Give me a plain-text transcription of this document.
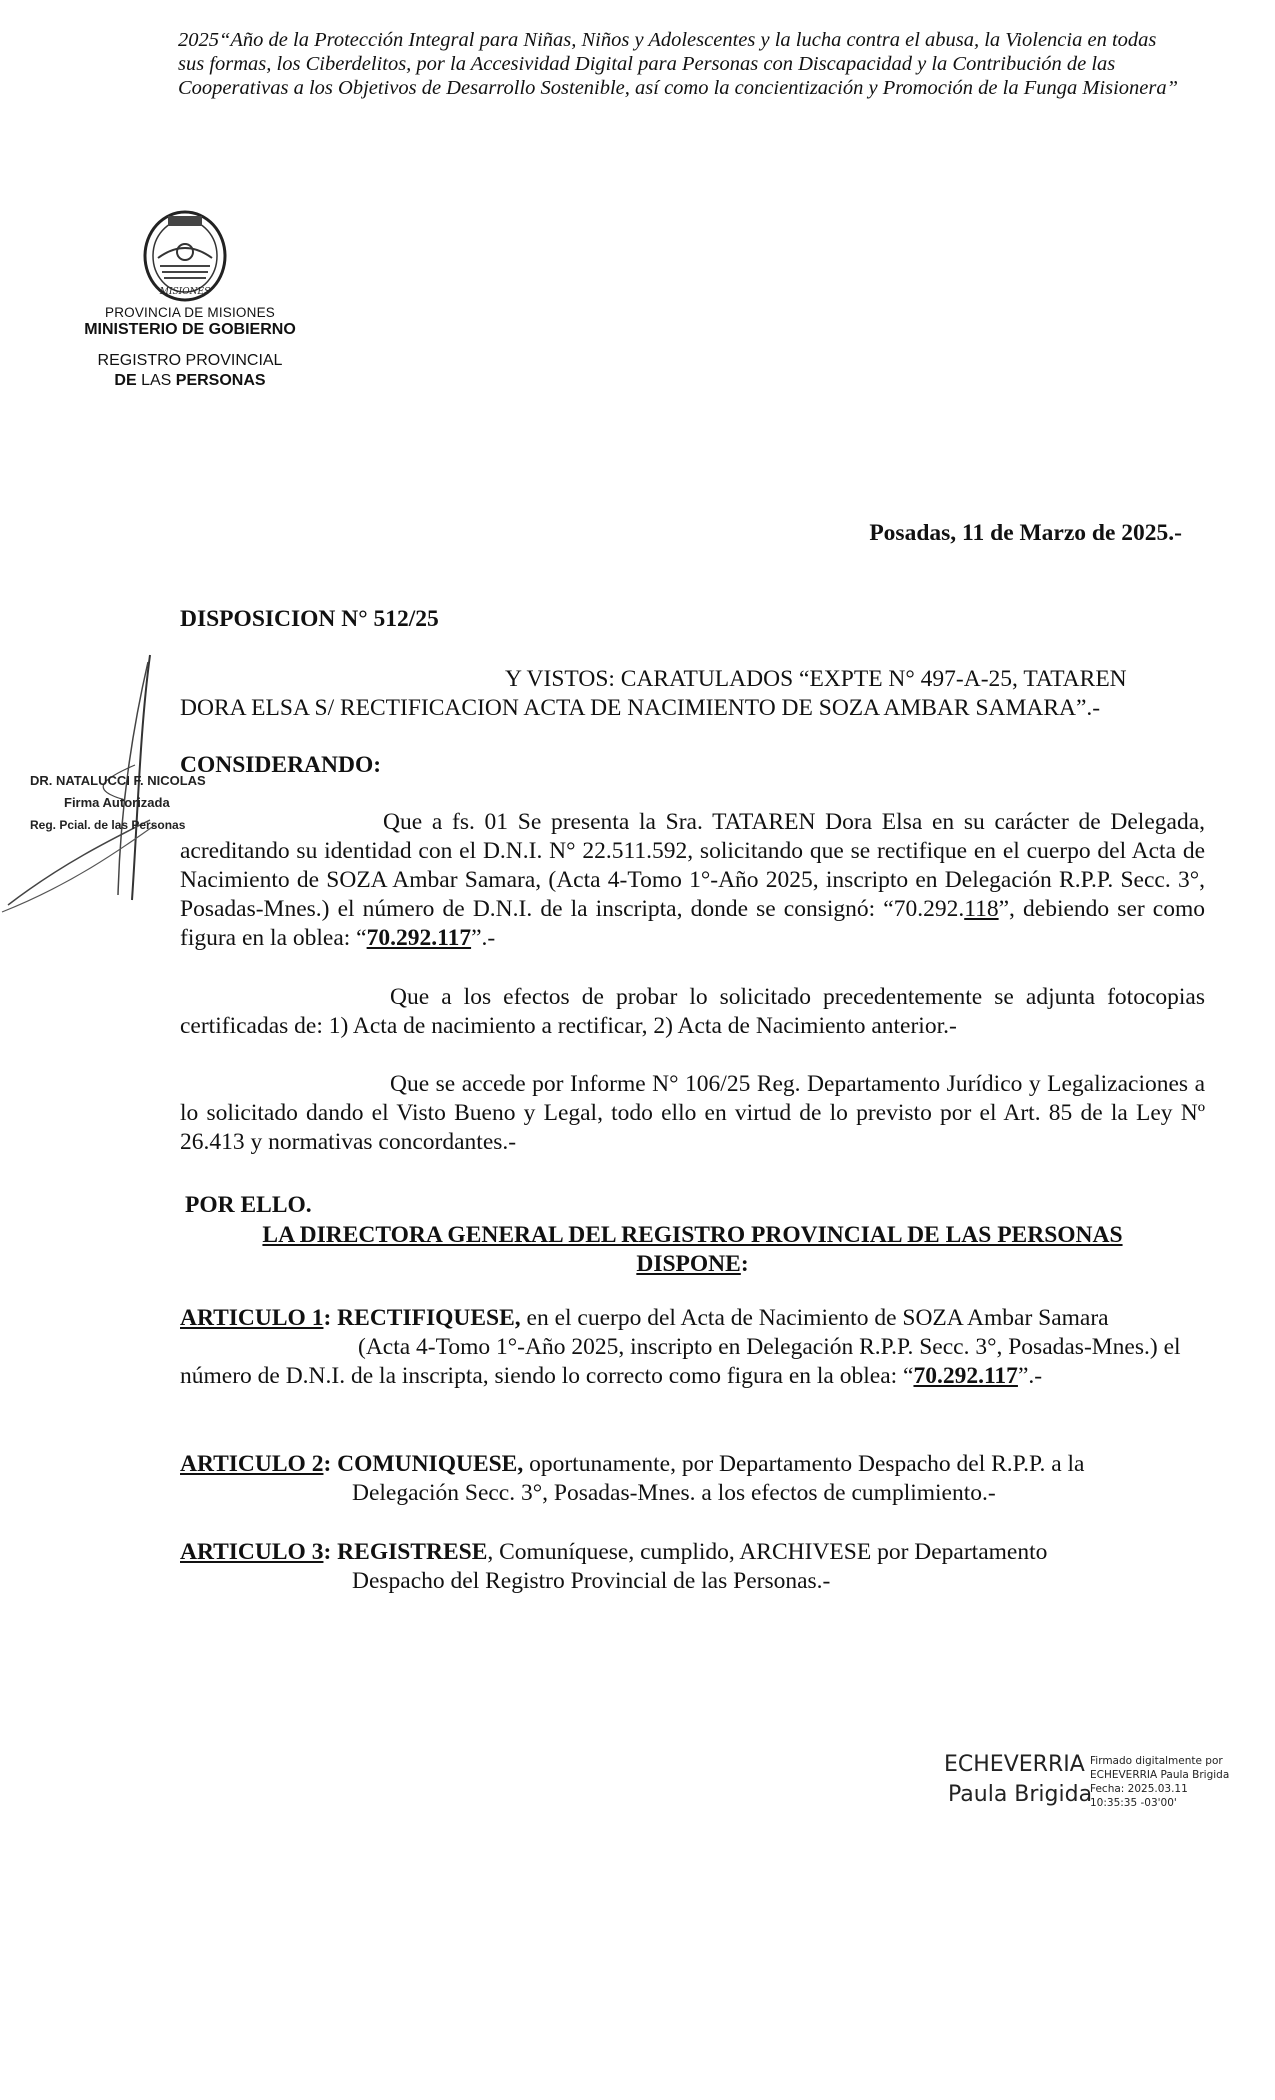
2025“Año de la Protección Integral para Niñas, Niños y Adolescentes y la lucha contra el abusa, la Violencia en todas sus formas, los Ciberdelitos, por la Accesividad Digital para Personas con Discapacidad y la Contribución de las Cooperativas a los Objetivos de Desarrollo Sostenible, así como la concientización y Promoción de la Funga Misionera”
MISIONES
PROVINCIA DE MISIONES
MINISTERIO DE GOBIERNO
REGISTRO PROVINCIAL
DE LAS PERSONAS
Posadas, 11 de Marzo de 2025.-
DISPOSICION N° 512/25
Y VISTOS: CARATULADOS “EXPTE N° 497-A-25, TATAREN
DORA ELSA S/ RECTIFICACION ACTA DE NACIMIENTO DE SOZA AMBAR SAMARA”.-
CONSIDERANDO:
Que a fs. 01 Se presenta la Sra. TATAREN Dora Elsa en su carácter de Delegada, acreditando su identidad con el D.N.I. N° 22.511.592, solicitando que se rectifique en el cuerpo del Acta de Nacimiento de SOZA Ambar Samara, (Acta 4-Tomo 1°-Año 2025, inscripto en Delegación R.P.P. Secc. 3°, Posadas-Mnes.) el número de D.N.I. de la inscripta, donde se consignó: “70.292.118”, debiendo ser como figura en la oblea: “70.292.117”.-
Que a los efectos de probar lo solicitado precedentemente se adjunta fotocopias certificadas de: 1) Acta de nacimiento a rectificar, 2) Acta de Nacimiento anterior.-
Que se accede por Informe N° 106/25 Reg. Departamento Jurídico y Legalizaciones a lo solicitado dando el Visto Bueno y Legal, todo ello en virtud de lo previsto por el Art. 85 de la Ley Nº 26.413 y normativas concordantes.-
POR ELLO.
LA DIRECTORA GENERAL DEL REGISTRO PROVINCIAL DE LAS PERSONAS
DISPONE:
ARTICULO 1: RECTIFIQUESE, en el cuerpo del Acta de Nacimiento de SOZA Ambar Samara
(Acta 4-Tomo 1°-Año 2025, inscripto en Delegación R.P.P. Secc. 3°, Posadas-Mnes.) el número de D.N.I. de la inscripta, siendo lo correcto como figura en la oblea: “70.292.117”.-
ARTICULO 2: COMUNIQUESE, oportunamente, por Departamento Despacho del R.P.P. a la
Delegación Secc. 3°, Posadas-Mnes. a los efectos de cumplimiento.-
ARTICULO 3: REGISTRESE, Comuníquese, cumplido, ARCHIVESE por Departamento
Despacho del Registro Provincial de las Personas.-
DR. NATALUCCI F. NICOLAS
Firma Autorizada
Reg. Pcial. de las Personas
ECHEVERRIA
Paula Brigida
Firmado digitalmente por
ECHEVERRIA Paula Brigida
Fecha: 2025.03.11
10:35:35 -03'00'
